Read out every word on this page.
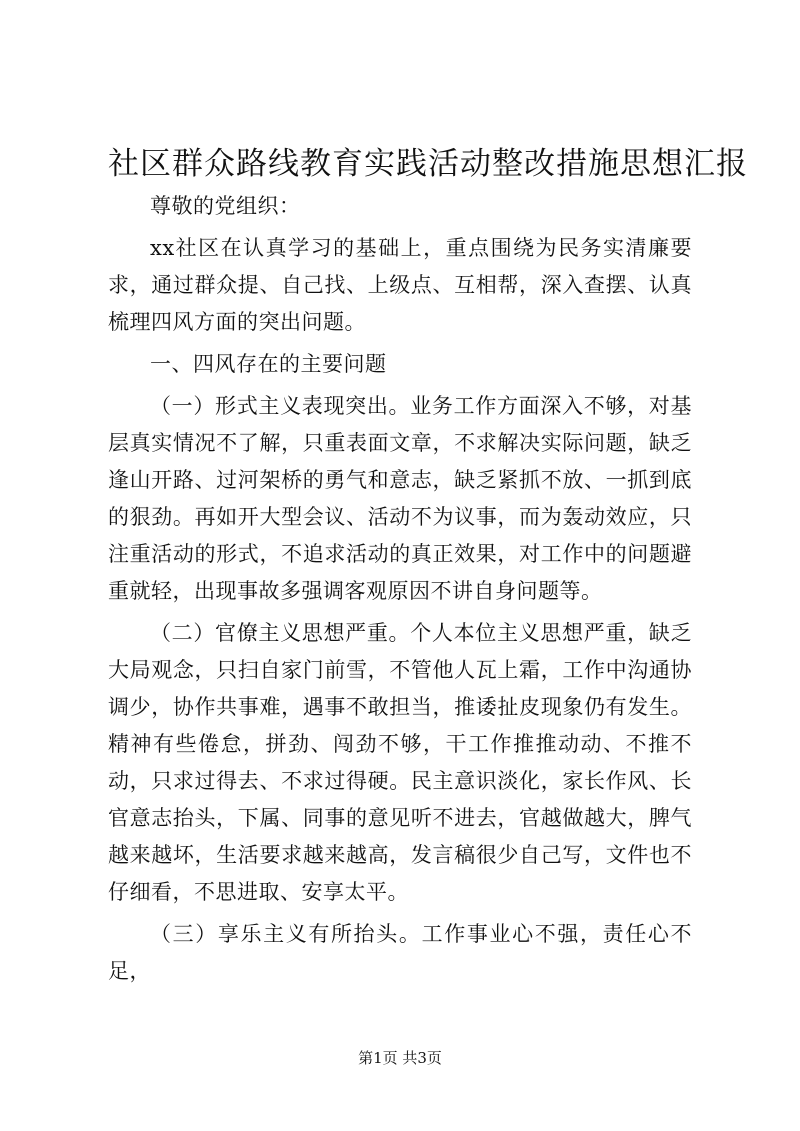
社区群众路线教育实践活动整改措施思想汇报

尊敬的党组织：

xx社区在认真学习的基础上，重点围绕为民务实清廉要求，通过群众提、自己找、上级点、互相帮，深入查摆、认真梳理四风方面的突出问题。

一、四风存在的主要问题

（一）形式主义表现突出。业务工作方面深入不够，对基层真实情况不了解，只重表面文章，不求解决实际问题，缺乏逢山开路、过河架桥的勇气和意志，缺乏紧抓不放、一抓到底的狠劲。再如开大型会议、活动不为议事，而为轰动效应，只注重活动的形式，不追求活动的真正效果，对工作中的问题避重就轻，出现事故多强调客观原因不讲自身问题等。

（二）官僚主义思想严重。个人本位主义思想严重，缺乏大局观念，只扫自家门前雪，不管他人瓦上霜，工作中沟通协调少，协作共事难，遇事不敢担当，推诿扯皮现象仍有发生。精神有些倦怠，拼劲、闯劲不够，干工作推推动动、不推不动，只求过得去、不求过得硬。民主意识淡化，家长作风、长官意志抬头，下属、同事的意见听不进去，官越做越大，脾气越来越坏，生活要求越来越高，发言稿很少自己写，文件也不仔细看，不思进取、安享太平。

（三）享乐主义有所抬头。工作事业心不强，责任心不足，

第1页 共3页
